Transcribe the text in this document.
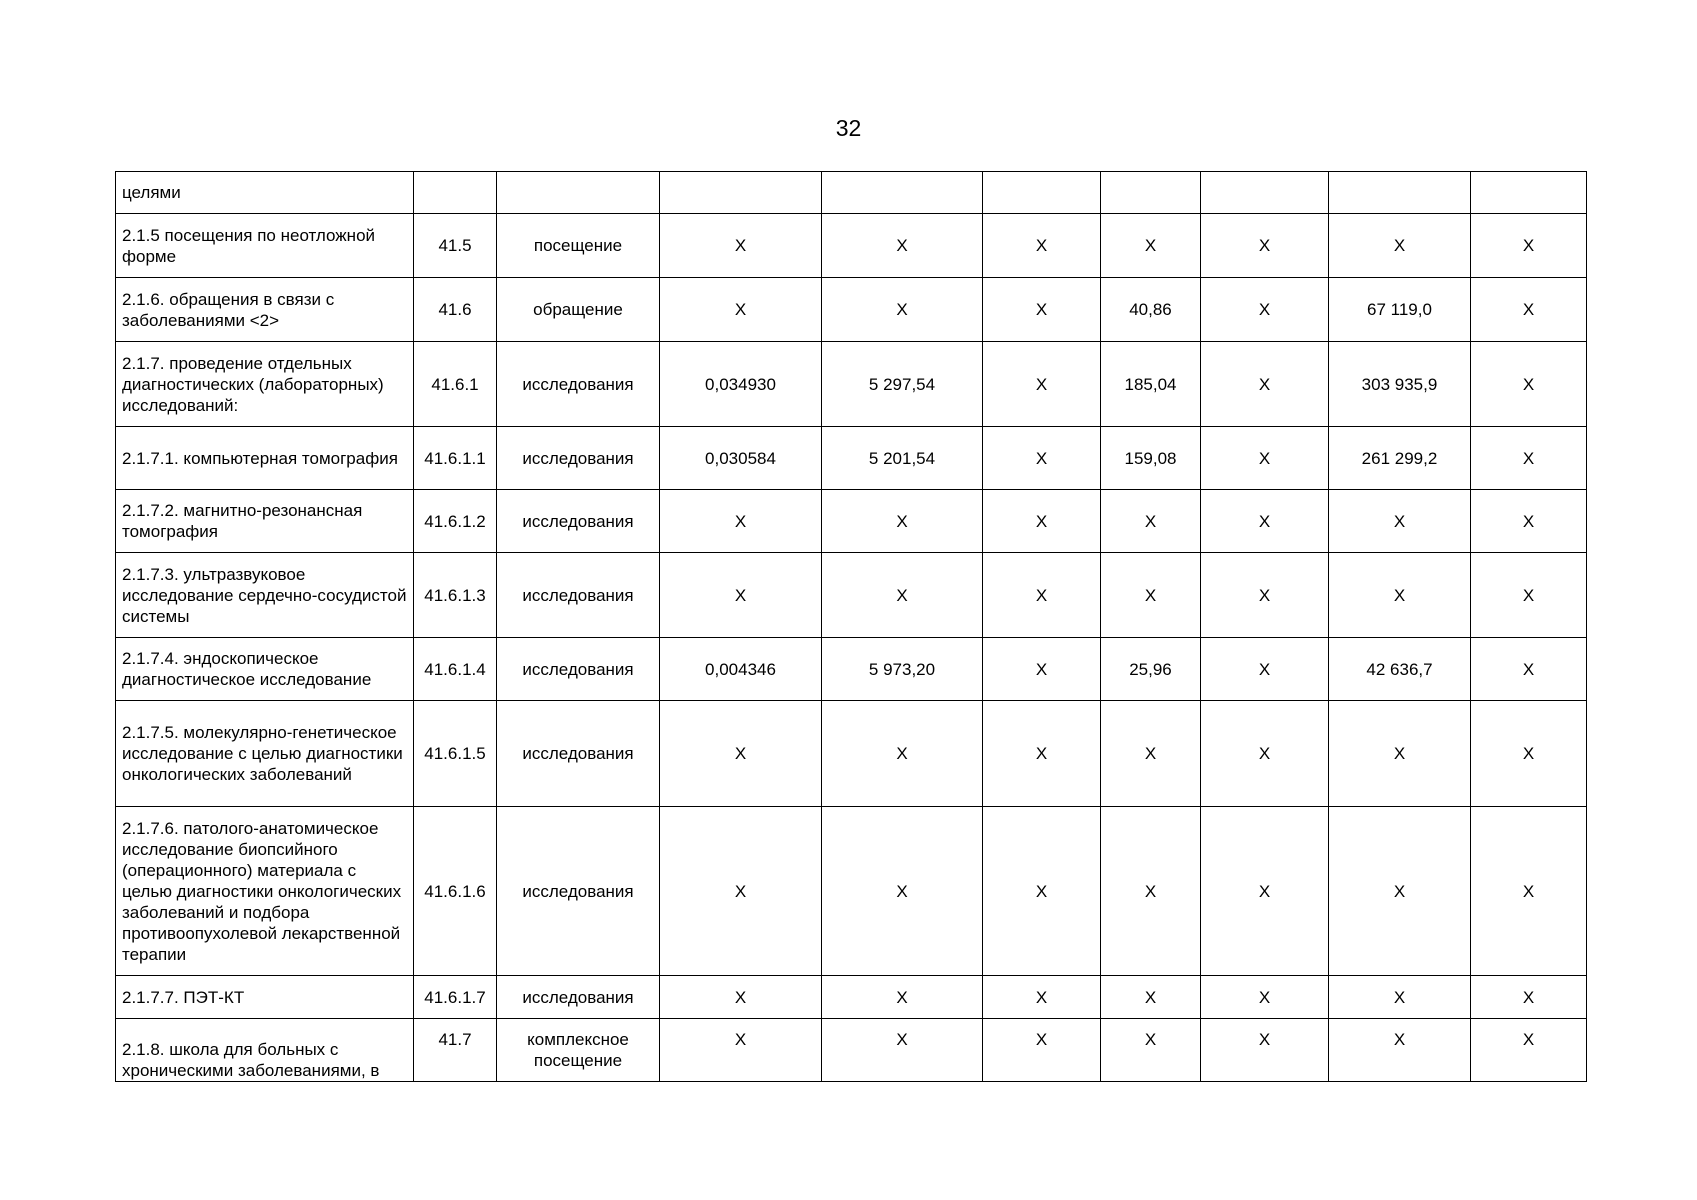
32
целями									
2.1.5 посещения по неотложной форме	41.5	посещение	Х	Х	Х	Х	Х	Х	Х
2.1.6. обращения в связи с заболеваниями <2>	41.6	обращение	Х	Х	Х	40,86	Х	67 119,0	Х
2.1.7. проведение отдельных диагностических (лабораторных) исследований:	41.6.1	исследования	0,034930	5 297,54	Х	185,04	Х	303 935,9	Х
2.1.7.1. компьютерная томография	41.6.1.1	исследования	0,030584	5 201,54	Х	159,08	Х	261 299,2	Х
2.1.7.2. магнитно-резонансная томография	41.6.1.2	исследования	Х	Х	Х	Х	Х	Х	Х
2.1.7.3. ультразвуковое исследование сердечно-сосудистой системы	41.6.1.3	исследования	Х	Х	Х	Х	Х	Х	Х
2.1.7.4. эндоскопическое диагностическое исследование	41.6.1.4	исследования	0,004346	5 973,20	Х	25,96	Х	42 636,7	Х
2.1.7.5. молекулярно-генетическое исследование с целью диагностики онкологических заболеваний	41.6.1.5	исследования	Х	Х	Х	Х	Х	Х	Х
2.1.7.6. патолого-анатомическое исследование биопсийного (операционного) материала с целью диагностики онкологических заболеваний и подбора противоопухолевой лекарственной терапии	41.6.1.6	исследования	Х	Х	Х	Х	Х	Х	Х
2.1.7.7. ПЭТ-КТ	41.6.1.7	исследования	Х	Х	Х	Х	Х	Х	Х
2.1.8. школа для больных с хроническими заболеваниями, в	41.7	комплексное посещение	Х	Х	Х	Х	Х	Х	Х
